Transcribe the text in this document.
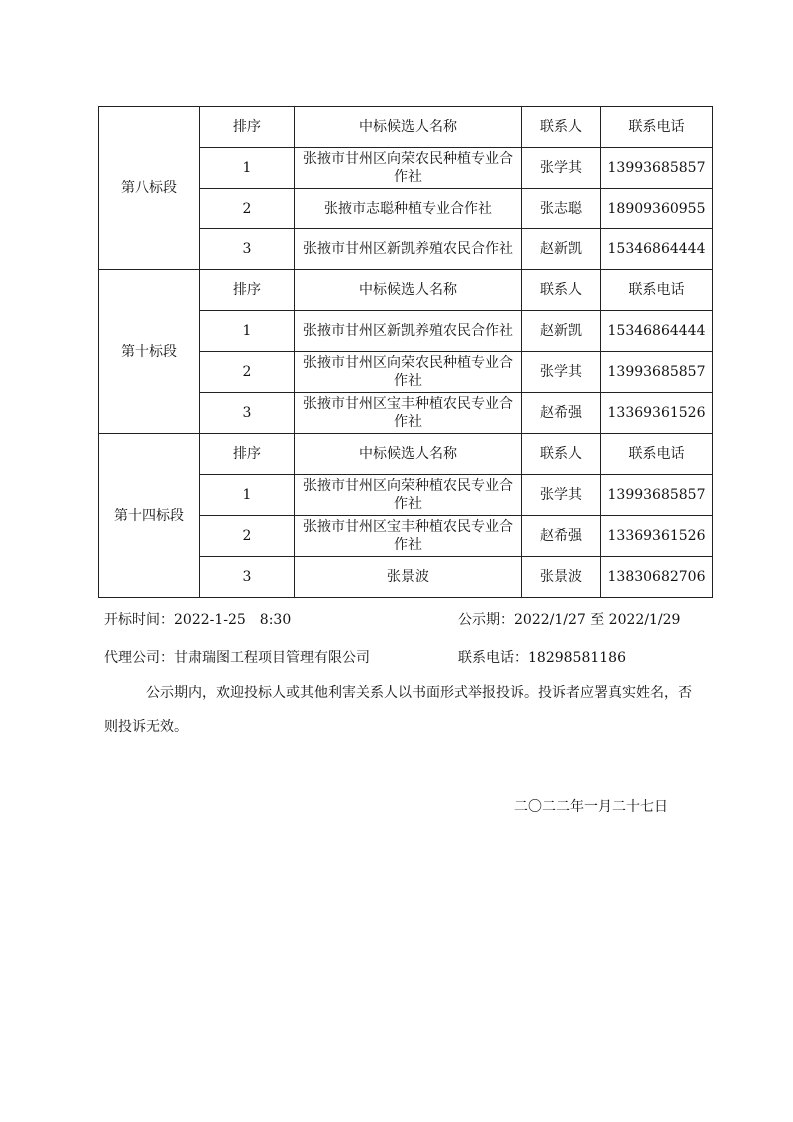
第八标段	排序	中标候选人名称	联系人	联系电话
	1	张掖市甘州区向荣农民种植专业合作社	张学其	13993685857
	2	张掖市志聪种植专业合作社	张志聪	18909360955
	3	张掖市甘州区新凯养殖农民合作社	赵新凯	15346864444
第十标段	排序	中标候选人名称	联系人	联系电话
	1	张掖市甘州区新凯养殖农民合作社	赵新凯	15346864444
	2	张掖市甘州区向荣农民种植专业合作社	张学其	13993685857
	3	张掖市甘州区宝丰种植农民专业合作社	赵希强	13369361526
第十四标段	排序	中标候选人名称	联系人	联系电话
	1	张掖市甘州区向荣种植农民专业合作社	张学其	13993685857
	2	张掖市甘州区宝丰种植农民专业合作社	赵希强	13369361526
	3	张景波	张景波	13830682706
开标时间：2022-1-25　8:30	公示期：2022/1/27 至 2022/1/29
代理公司：甘肃瑞图工程项目管理有限公司	联系电话：18298581186
公示期内，欢迎投标人或其他利害关系人以书面形式举报投诉。投诉者应署真实姓名，否则投诉无效。
二〇二二年一月二十七日
